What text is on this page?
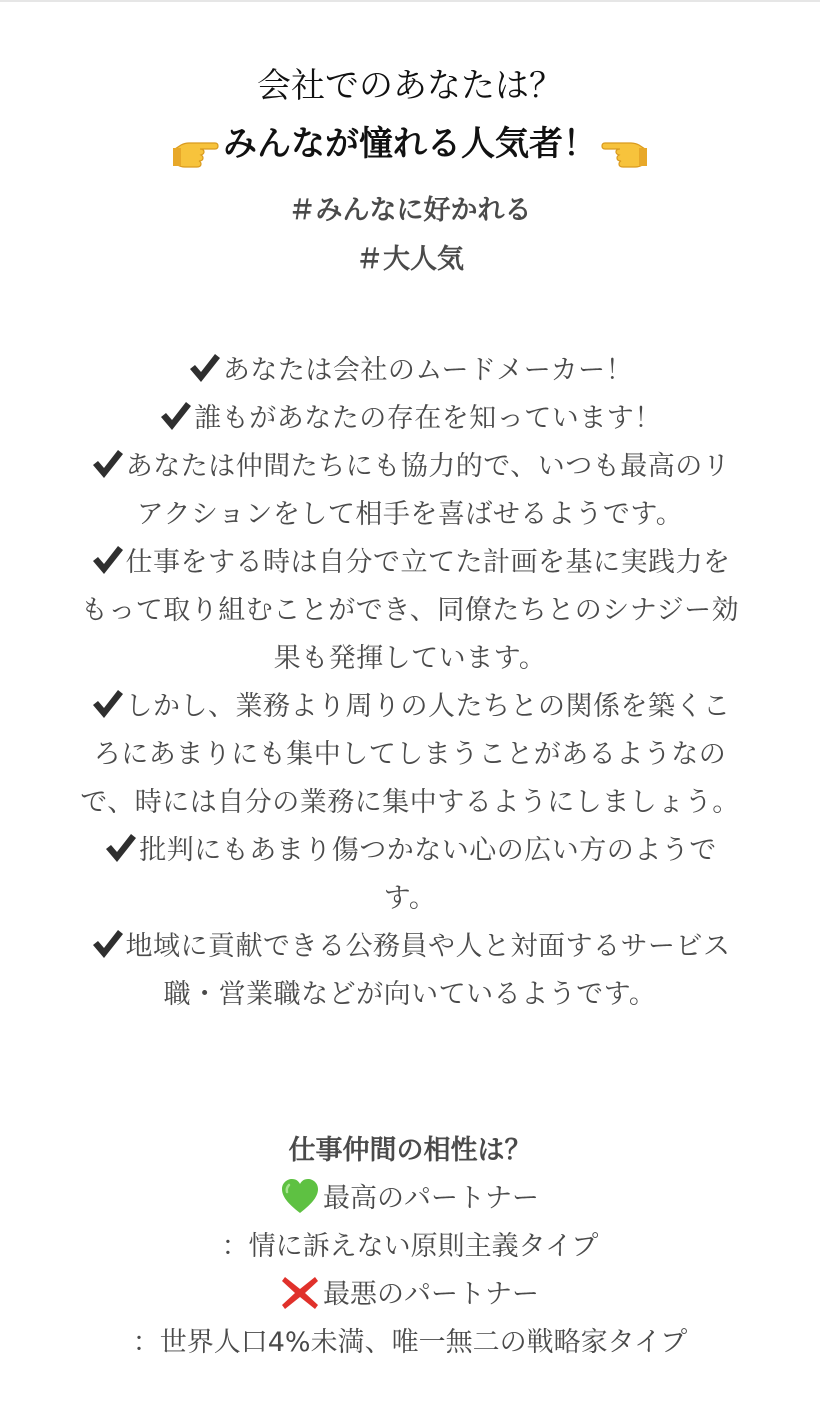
会社でのあなたは？

みんなが憧れる人気者！

＃みんなに好かれる
＃大人気
あなたは会社のムードメーカー！
誰もがあなたの存在を知っています！
あなたは仲間たちにも協力的で、いつも最高のリアクションをして相手を喜ばせるようです。
仕事をする時は自分で立てた計画を基に実践力をもって取り組むことができ、同僚たちとのシナジー効果も発揮しています。
しかし、業務より周りの人たちとの関係を築くころにあまりにも集中してしまうことがあるようなので、時には自分の業務に集中するようにしましょう。
批判にもあまり傷つかない心の広い方のようです。
地域に貢献できる公務員や人と対面するサービス職・営業職などが向いているようです。
仕事仲間の相性は？
最高のパートナー
：情に訴えない原則主義タイプ
最悪のパートナー
：世界人口4%未満、唯一無二の戦略家タイプ
